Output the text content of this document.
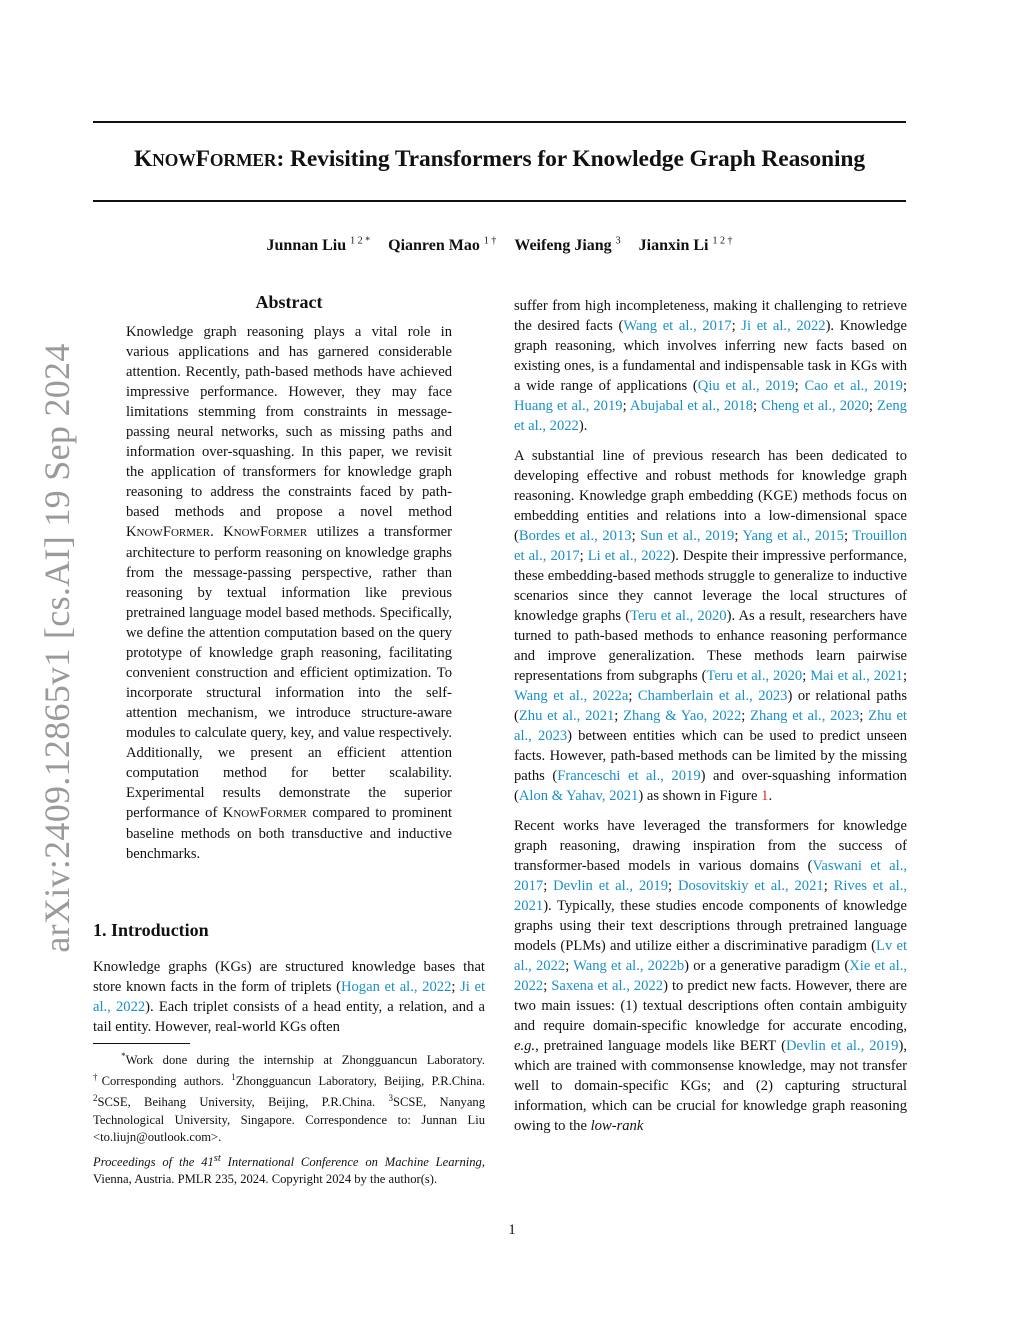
KNOWFORMER: Revisiting Transformers for Knowledge Graph Reasoning
Junnan Liu $^{1 2 *}$ Qianren Mao $^{1 \dagger}$ Weifeng Jiang $^3$ Jianxin Li $^{1 2 \dagger}$
arXiv:2409.12865v1 [cs.AI] 19 Sep 2024
Abstract
Knowledge graph reasoning plays a vital role in various applications and has garnered considerable attention. Recently, path-based methods have achieved impressive performance. However, they may face limitations stemming from constraints in message-passing neural networks, such as missing paths and information over-squashing. In this paper, we revisit the application of transformers for knowledge graph reasoning to address the constraints faced by path-based methods and propose a novel method KNOWFORMER. KNOWFORMER utilizes a transformer architecture to perform reasoning on knowledge graphs from the message-passing perspective, rather than reasoning by textual information like previous pretrained language model based methods. Specifically, we define the attention computation based on the query prototype of knowledge graph reasoning, facilitating convenient construction and efficient optimization. To incorporate structural information into the self-attention mechanism, we introduce structure-aware modules to calculate query, key, and value respectively. Additionally, we present an efficient attention computation method for better scalability. Experimental results demonstrate the superior performance of KNOWFORMER compared to prominent baseline methods on both transductive and inductive benchmarks.
1. Introduction
Knowledge graphs (KGs) are structured knowledge bases that store known facts in the form of triplets (Hogan et al., 2022; Ji et al., 2022). Each triplet consists of a head entity, a relation, and a tail entity. However, real-world KGs often
*Work done during the internship at Zhongguancun Laboratory. †Corresponding authors. $^1$Zhongguancun Laboratory, Beijing, P.R.China. $^2$SCSE, Beihang University, Beijing, P.R.China. $^3$SCSE, Nanyang Technological University, Singapore. Correspondence to: Junnan Liu <to.liujn@outlook.com>.
Proceedings of the 41st International Conference on Machine Learning, Vienna, Austria. PMLR 235, 2024. Copyright 2024 by the author(s).

suffer from high incompleteness, making it challenging to retrieve the desired facts (Wang et al., 2017; Ji et al., 2022). Knowledge graph reasoning, which involves inferring new facts based on existing ones, is a fundamental and indispensable task in KGs with a wide range of applications (Qiu et al., 2019; Cao et al., 2019; Huang et al., 2019; Abujabal et al., 2018; Cheng et al., 2020; Zeng et al., 2022).

A substantial line of previous research has been dedicated to developing effective and robust methods for knowledge graph reasoning. Knowledge graph embedding (KGE) methods focus on embedding entities and relations into a low-dimensional space (Bordes et al., 2013; Sun et al., 2019; Yang et al., 2015; Trouillon et al., 2017; Li et al., 2022). Despite their impressive performance, these embedding-based methods struggle to generalize to inductive scenarios since they cannot leverage the local structures of knowledge graphs (Teru et al., 2020). As a result, researchers have turned to path-based methods to enhance reasoning performance and improve generalization. These methods learn pairwise representations from subgraphs (Teru et al., 2020; Mai et al., 2021; Wang et al., 2022a; Chamberlain et al., 2023) or relational paths (Zhu et al., 2021; Zhang & Yao, 2022; Zhang et al., 2023; Zhu et al., 2023) between entities which can be used to predict unseen facts. However, path-based methods can be limited by the missing paths (Franceschi et al., 2019) and over-squashing information (Alon & Yahav, 2021) as shown in Figure 1.

Recent works have leveraged the transformers for knowledge graph reasoning, drawing inspiration from the success of transformer-based models in various domains (Vaswani et al., 2017; Devlin et al., 2019; Dosovitskiy et al., 2021; Rives et al., 2021). Typically, these studies encode components of knowledge graphs using their text descriptions through pretrained language models (PLMs) and utilize either a discriminative paradigm (Lv et al., 2022; Wang et al., 2022b) or a generative paradigm (Xie et al., 2022; Saxena et al., 2022) to predict new facts. However, there are two main issues: (1) textual descriptions often contain ambiguity and require domain-specific knowledge for accurate encoding, e.g., pretrained language models like BERT (Devlin et al., 2019), which are trained with commonsense knowledge, may not transfer well to domain-specific KGs; and (2) capturing structural information, which can be crucial for knowledge graph reasoning owing to the low-rank

1
